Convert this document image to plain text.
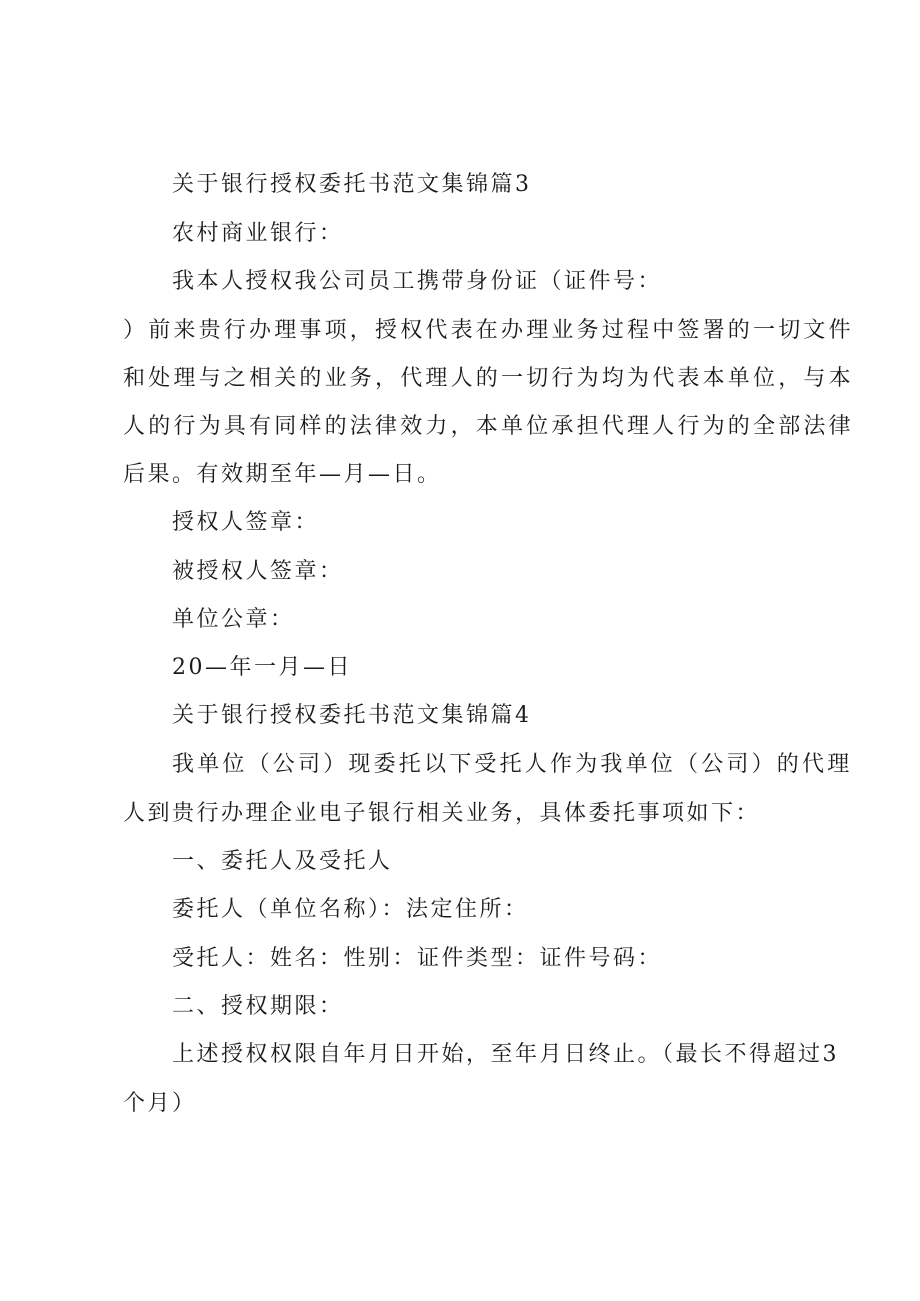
关于银行授权委托书范文集锦篇3
农村商业银行：
我本人授权我公司员工携带身份证（证件号：
）前来贵行办理事项，授权代表在办理业务过程中签署的一切文件
和处理与之相关的业务，代理人的一切行为均为代表本单位，与本
人的行为具有同样的法律效力，本单位承担代理人行为的全部法律
后果。有效期至年—月—日。
授权人签章：
被授权人签章：
单位公章：
20—年一月—日
关于银行授权委托书范文集锦篇4
我单位（公司）现委托以下受托人作为我单位（公司）的代理
人到贵行办理企业电子银行相关业务，具体委托事项如下：
一、委托人及受托人
委托人（单位名称）：法定住所：
受托人：姓名：性别：证件类型：证件号码：
二、授权期限：
上述授权权限自年月日开始，至年月日终止。（最长不得超过3
个月）
